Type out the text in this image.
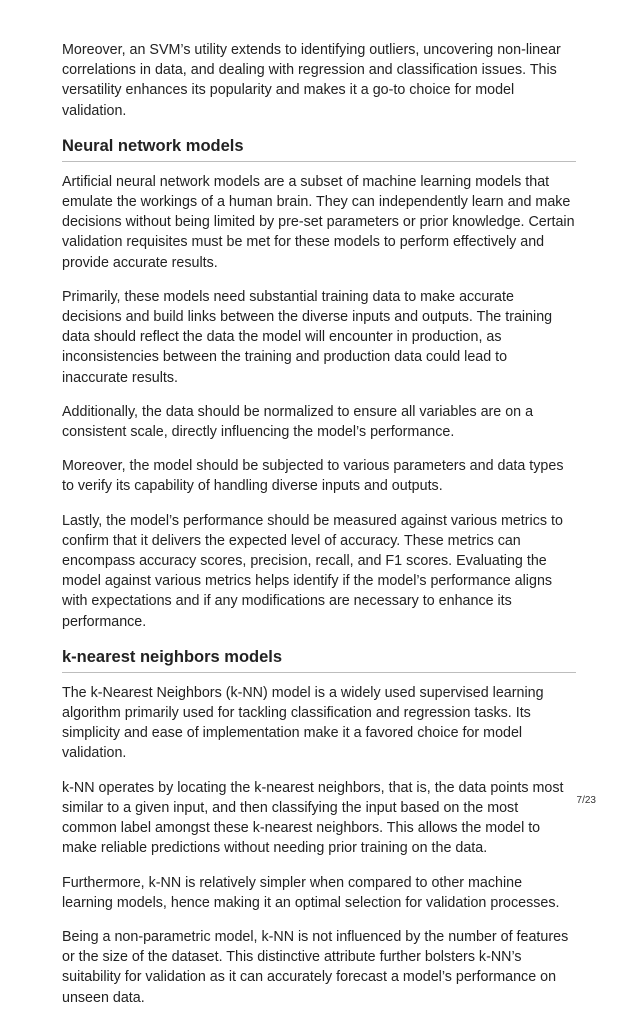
Moreover, an SVM’s utility extends to identifying outliers, uncovering non-linear correlations in data, and dealing with regression and classification issues. This versatility enhances its popularity and makes it a go-to choice for model validation.

Neural network models

Artificial neural network models are a subset of machine learning models that emulate the workings of a human brain. They can independently learn and make decisions without being limited by pre-set parameters or prior knowledge. Certain validation requisites must be met for these models to perform effectively and provide accurate results.

Primarily, these models need substantial training data to make accurate decisions and build links between the diverse inputs and outputs. The training data should reflect the data the model will encounter in production, as inconsistencies between the training and production data could lead to inaccurate results.

Additionally, the data should be normalized to ensure all variables are on a consistent scale, directly influencing the model’s performance.

Moreover, the model should be subjected to various parameters and data types to verify its capability of handling diverse inputs and outputs.

Lastly, the model’s performance should be measured against various metrics to confirm that it delivers the expected level of accuracy. These metrics can encompass accuracy scores, precision, recall, and F1 scores. Evaluating the model against various metrics helps identify if the model’s performance aligns with expectations and if any modifications are necessary to enhance its performance.

k-nearest neighbors models

The k-Nearest Neighbors (k-NN) model is a widely used supervised learning algorithm primarily used for tackling classification and regression tasks. Its simplicity and ease of implementation make it a favored choice for model validation.

k-NN operates by locating the k-nearest neighbors, that is, the data points most similar to a given input, and then classifying the input based on the most common label amongst these k-nearest neighbors. This allows the model to make reliable predictions without needing prior training on the data.

Furthermore, k-NN is relatively simpler when compared to other machine learning models, hence making it an optimal selection for validation processes.

Being a non-parametric model, k-NN is not influenced by the number of features or the size of the dataset. This distinctive attribute further bolsters k-NN’s suitability for validation as it can accurately forecast a model’s performance on unseen data.

7/23
